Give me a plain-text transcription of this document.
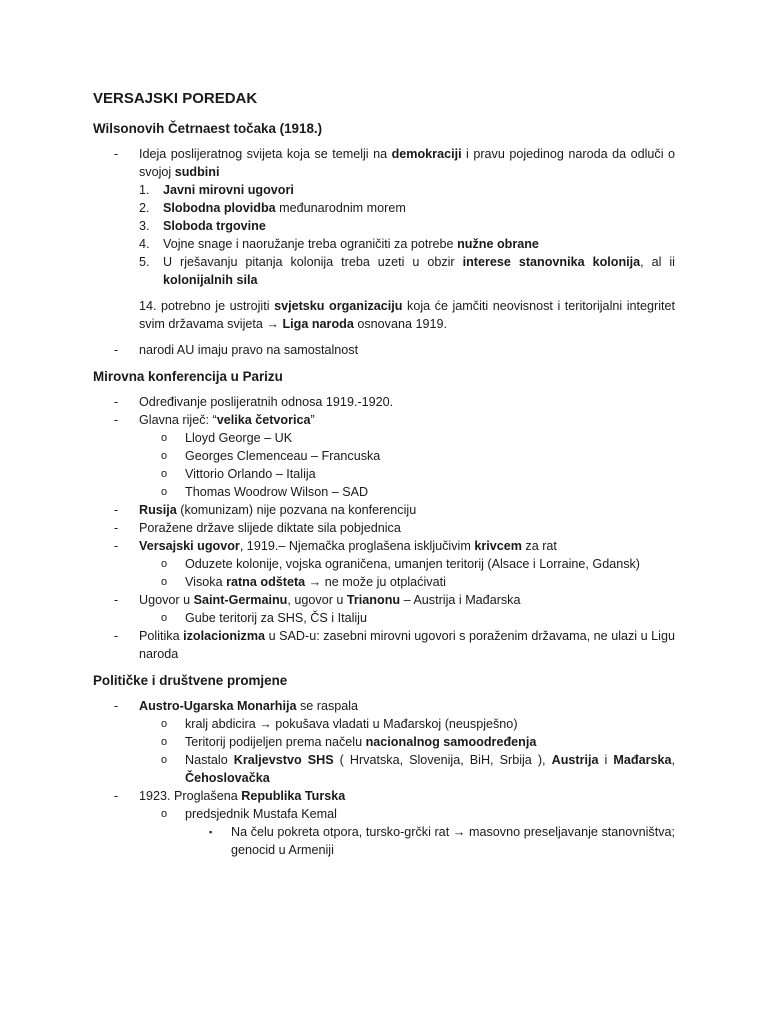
VERSAJSKI POREDAK
Wilsonovih Četrnaest točaka (1918.)
- Ideja poslijeratnog svijeta koja se temelji na demokraciji i pravu pojedinog naroda da odluči o svojoj sudbini
1. Javni mirovni ugovori
2. Slobodna plovidba međunarodnim morem
3. Sloboda trgovine
4. Vojne snage i naoružanje treba ograničiti za potrebe nužne obrane
5. U rješavanju pitanja kolonija treba uzeti u obzir interese stanovnika kolonija, al ii kolonijalnih sila
14. potrebno je ustrojiti svjetsku organizaciju koja će jamčiti neovisnost i teritorijalni integritet svim državama svijeta → Liga naroda osnovana 1919.
- narodi AU imaju pravo na samostalnost
Mirovna konferencija u Parizu
- Određivanje poslijeratnih odnosa 1919.-1920.
- Glavna riječ: “velika četvorica”
o Lloyd George – UK
o Georges Clemenceau – Francuska
o Vittorio Orlando – Italija
o Thomas Woodrow Wilson – SAD
- Rusija (komunizam) nije pozvana na konferenciju
- Poražene države slijede diktate sila pobjednica
- Versajski ugovor, 1919.– Njemačka proglašena isključivim krivcem za rat
o Oduzete kolonije, vojska ograničena, umanjen teritorij (Alsace i Lorraine, Gdansk)
o Visoka ratna odšteta → ne može ju otplaćivati
- Ugovor u Saint-Germainu, ugovor u Trianonu – Austrija i Mađarska
o Gube teritorij za SHS, ČS i Italiju
- Politika izolacionizma u SAD-u: zasebni mirovni ugovori s poraženim državama, ne ulazi u Ligu naroda
Političke i društvene promjene
- Austro-Ugarska Monarhija se raspala
o kralj abdicira → pokušava vladati u Mađarskoj (neuspješno)
o Teritorij podijeljen prema načelu nacionalnog samoodređenja
o Nastalo Kraljevstvo SHS ( Hrvatska, Slovenija, BiH, Srbija ), Austrija i Mađarska, Čehoslovačka
- 1923. Proglašena Republika Turska
o predsjednik Mustafa Kemal
▪ Na čelu pokreta otpora, tursko-grčki rat → masovno preseljavanje stanovništva; genocid u Armeniji
